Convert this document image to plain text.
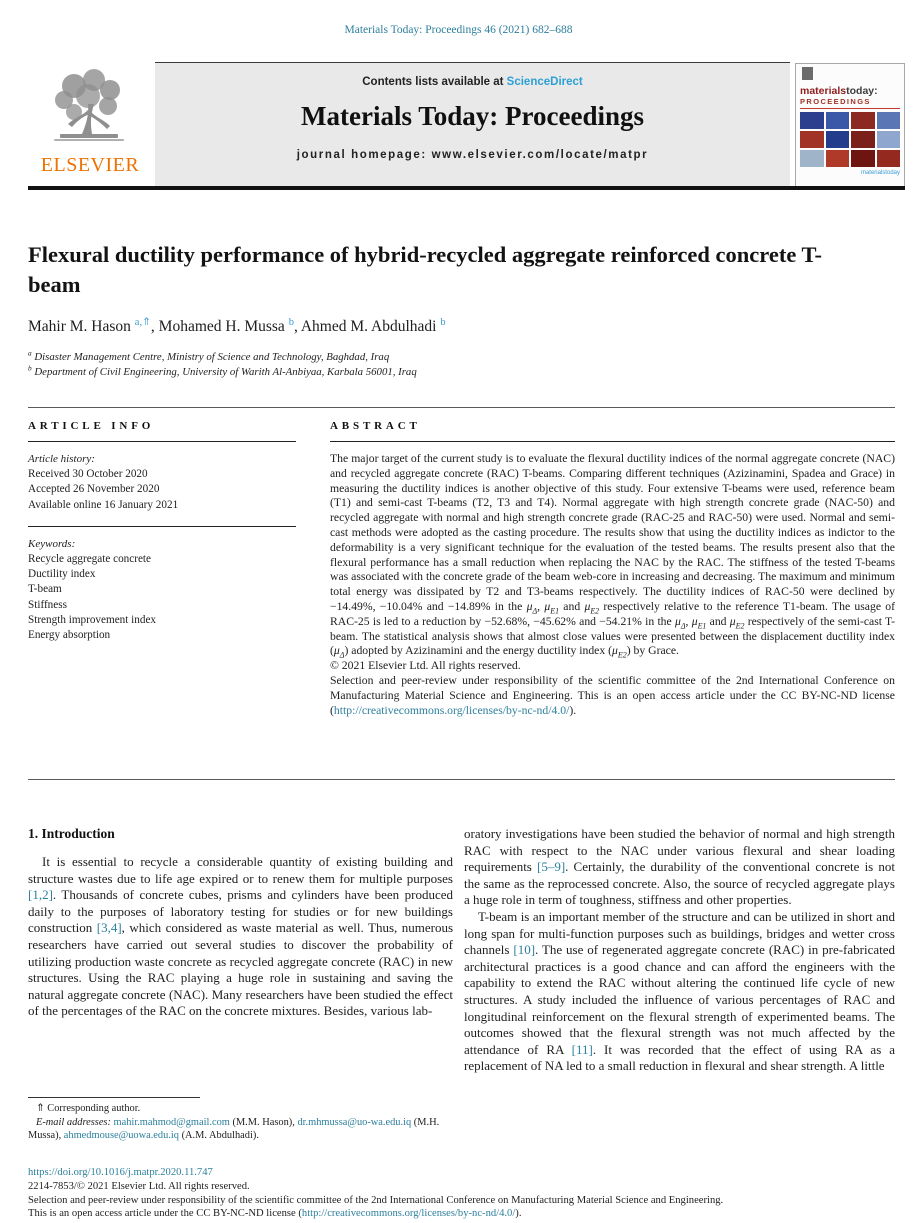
Materials Today: Proceedings 46 (2021) 682–688
ELSEVIER
Contents lists available at ScienceDirect
Materials Today: Proceedings
journal homepage: www.elsevier.com/locate/matpr
materialstoday:
PROCEEDINGS
materialstoday
Flexural ductility performance of hybrid-recycled aggregate reinforced concrete T-beam
Mahir M. Hason $^{a,⇑}$, Mohamed H. Mussa $^b$, Ahmed M. Abdulhadi $^b$
$^a$ Disaster Management Centre, Ministry of Science and Technology, Baghdad, Iraq
$^b$ Department of Civil Engineering, University of Warith Al-Anbiyaa, Karbala 56001, Iraq
ARTICLE INFO
Article history:
Received 30 October 2020
Accepted 26 November 2020
Available online 16 January 2021
Keywords:
Recycle aggregate concrete
Ductility index
T-beam
Stiffness
Strength improvement index
Energy absorption
ABSTRACT
The major target of the current study is to evaluate the flexural ductility indices of the normal aggregate concrete (NAC) and recycled aggregate concrete (RAC) T-beams. Comparing different techniques (Azizinamini, Spadea and Grace) in measuring the ductility indices is another objective of this study. Four extensive T-beams were used, reference beam (T1) and semi-cast T-beams (T2, T3 and T4). Normal aggregate with high strength concrete grade (NAC-50) and recycled aggregate with normal and high strength concrete grade (RAC-25 and RAC-50) were used. Normal and semi-cast methods were adopted as the casting procedure. The results show that using the ductility indices as indictor to the deformability is a very significant technique for the evaluation of the tested beams. The results present also that the flexural performance has a small reduction when replacing the NAC by the RAC. The stiffness of the tested T-beams was associated with the concrete grade of the beam web-core in increasing and decreasing. The maximum and minimum total energy was dissipated by T2 and T3-beams respectively. The ductility indices of RAC-50 were declined by −14.49%, −10.04% and −14.89% in the $\mu_\Delta$, $\mu_{E1}$ and $\mu_{E2}$ respectively relative to the reference T1-beam. The usage of RAC-25 is led to a reduction by −52.68%, −45.62% and −54.21% in the $\mu_\Delta$, $\mu_{E1}$ and $\mu_{E2}$ respectively of the semi-cast T-beam. The statistical analysis shows that almost close values were presented between the displacement ductility index $(\mu_\Delta)$ adopted by Azizinamini and the energy ductility index $(\mu_{E2})$ by Grace.
© 2021 Elsevier Ltd. All rights reserved.
Selection and peer-review under responsibility of the scientific committee of the 2nd International Conference on Manufacturing Material Science and Engineering. This is an open access article under the CC BY-NC-ND license (http://creativecommons.org/licenses/by-nc-nd/4.0/).
1. Introduction
It is essential to recycle a considerable quantity of existing building and structure wastes due to life age expired or to renew them for multiple purposes [1,2]. Thousands of concrete cubes, prisms and cylinders have been produced daily to the purposes of laboratory testing for studies or for new buildings construction [3,4], which considered as waste material as well. Thus, numerous researchers have carried out several studies to discover the probability of utilizing production waste concrete as recycled aggregate concrete (RAC) in new structures. Using the RAC playing a huge role in sustaining and saving the natural aggregate concrete (NAC). Many researchers have been studied the effect of the percentages of the RAC on the concrete mixtures. Besides, various lab-
oratory investigations have been studied the behavior of normal and high strength RAC with respect to the NAC under various flexural and shear loading requirements [5–9]. Certainly, the durability of the conventional concrete is not the same as the reprocessed concrete. Also, the source of recycled aggregate plays a huge role in term of toughness, stiffness and other properties.
T-beam is an important member of the structure and can be utilized in short and long span for multi-function purposes such as buildings, bridges and wetter cross channels [10]. The use of regenerated aggregate concrete (RAC) in pre-fabricated architectural practices is a good chance and can afford the engineers with the capability to extend the RAC without altering the continued life cycle of new structures. A study included the influence of various percentages of RAC and longitudinal reinforcement on the flexural strength of experimented beams. The outcomes showed that the flexural strength was not much affected by the attendance of RA [11]. It was recorded that the effect of using RA as a replacement of NA led to a small reduction in flexural and shear strength. A little
⇑ Corresponding author.
E-mail addresses: mahir.mahmod@gmail.com (M.M. Hason), dr.mhmussa@uo-wa.edu.iq (M.H. Mussa), ahmedmouse@uowa.edu.iq (A.M. Abdulhadi).
https://doi.org/10.1016/j.matpr.2020.11.747
2214-7853/© 2021 Elsevier Ltd. All rights reserved.
Selection and peer-review under responsibility of the scientific committee of the 2nd International Conference on Manufacturing Material Science and Engineering.
This is an open access article under the CC BY-NC-ND license (http://creativecommons.org/licenses/by-nc-nd/4.0/).
